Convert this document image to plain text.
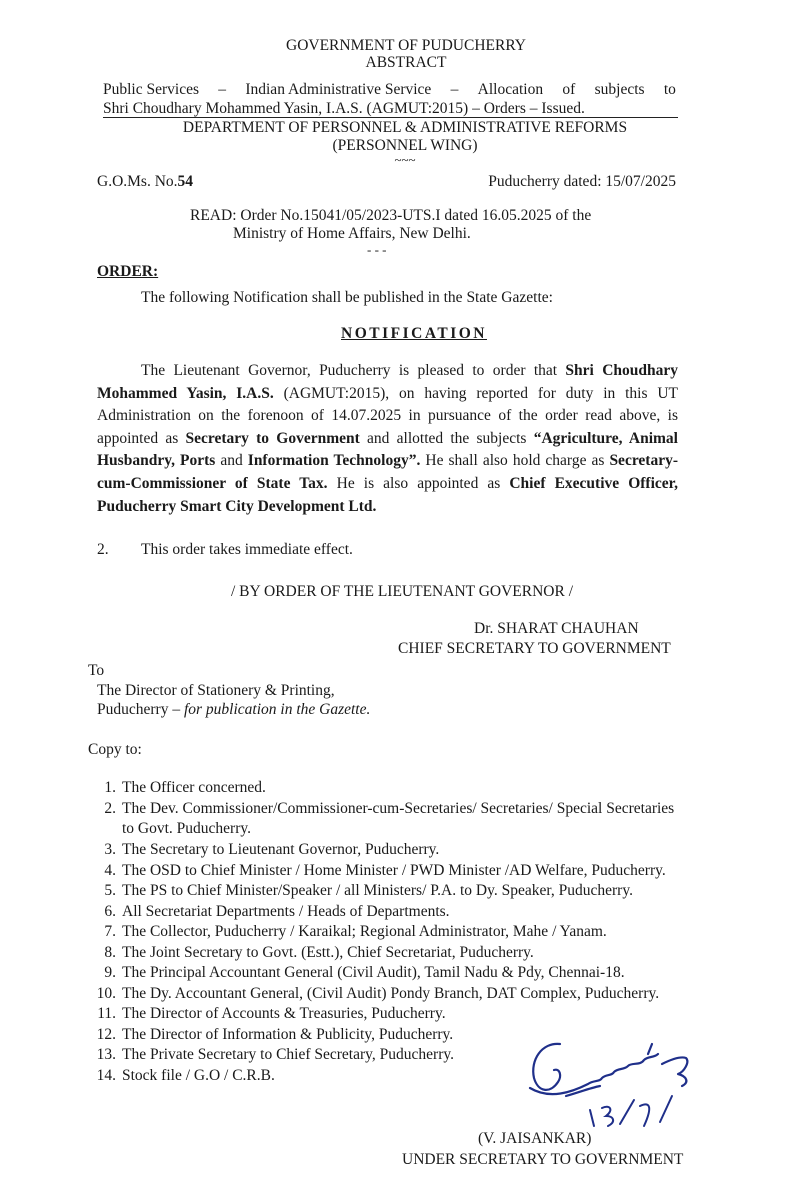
GOVERNMENT OF PUDUCHERRY
ABSTRACT
Public Services – Indian Administrative Service – Allocation of subjects to
Shri Choudhary Mohammed Yasin, I.A.S. (AGMUT:2015) – Orders – Issued.
DEPARTMENT OF PERSONNEL & ADMINISTRATIVE REFORMS
(PERSONNEL WING)
~~~
G.O.Ms. No.54	Puducherry dated: 15/07/2025
READ: Order No.15041/05/2023-UTS.I dated 16.05.2025 of the
Ministry of Home Affairs, New Delhi.
- - -
ORDER:
The following Notification shall be published in the State Gazette:
NOTIFICATION
The Lieutenant Governor, Puducherry is pleased to order that Shri Choudhary Mohammed Yasin, I.A.S. (AGMUT:2015), on having reported for duty in this UT Administration on the forenoon of 14.07.2025 in pursuance of the order read above, is appointed as Secretary to Government and allotted the subjects “Agriculture, Animal Husbandry, Ports and Information Technology”. He shall also hold charge as Secretary-cum-Commissioner of State Tax. He is also appointed as Chief Executive Officer, Puducherry Smart City Development Ltd.
2. This order takes immediate effect.
/ BY ORDER OF THE LIEUTENANT GOVERNOR /
Dr. SHARAT CHAUHAN
CHIEF SECRETARY TO GOVERNMENT
To
The Director of Stationery & Printing,
Puducherry – for publication in the Gazette.
Copy to:
1. The Officer concerned.
2. The Dev. Commissioner/Commissioner-cum-Secretaries/ Secretaries/ Special Secretaries
to Govt. Puducherry.
3. The Secretary to Lieutenant Governor, Puducherry.
4. The OSD to Chief Minister / Home Minister / PWD Minister /AD Welfare, Puducherry.
5. The PS to Chief Minister/Speaker / all Ministers/ P.A. to Dy. Speaker, Puducherry.
6. All Secretariat Departments / Heads of Departments.
7. The Collector, Puducherry / Karaikal; Regional Administrator, Mahe / Yanam.
8. The Joint Secretary to Govt. (Estt.), Chief Secretariat, Puducherry.
9. The Principal Accountant General (Civil Audit), Tamil Nadu & Pdy, Chennai-18.
10. The Dy. Accountant General, (Civil Audit) Pondy Branch, DAT Complex, Puducherry.
11. The Director of Accounts & Treasuries, Puducherry.
12. The Director of Information & Publicity, Puducherry.
13. The Private Secretary to Chief Secretary, Puducherry.
14. Stock file / G.O / C.R.B.
15/7/25
(V. JAISANKAR)
UNDER SECRETARY TO GOVERNMENT
